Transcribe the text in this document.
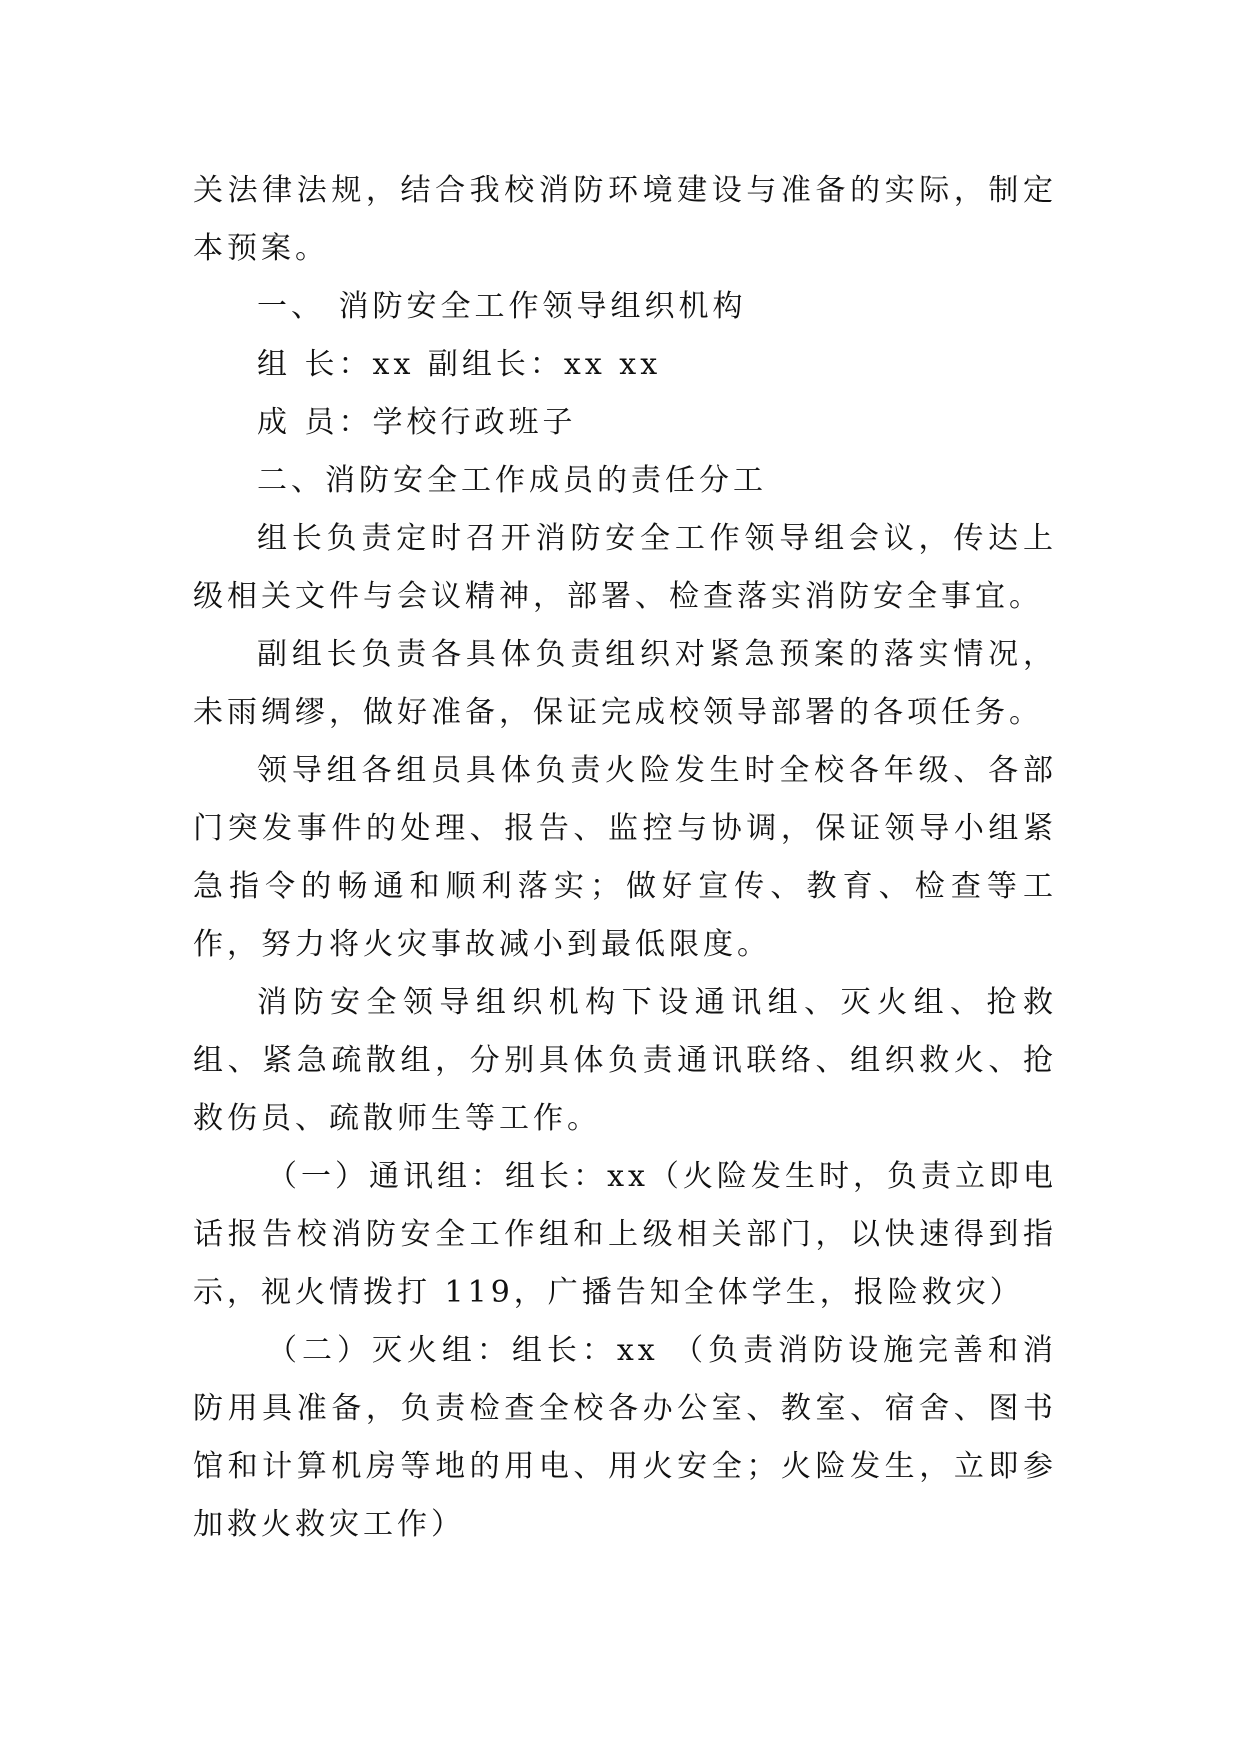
关法律法规，结合我校消防环境建设与准备的实际，制定本预案。

一、 消防安全工作领导组织机构

组 长：xx 副组长：xx xx

成 员：学校行政班子

二、消防安全工作成员的责任分工

组长负责定时召开消防安全工作领导组会议，传达上级相关文件与会议精神，部署、检查落实消防安全事宜。

副组长负责各具体负责组织对紧急预案的落实情况，未雨绸缪，做好准备，保证完成校领导部署的各项任务。

领导组各组员具体负责火险发生时全校各年级、各部门突发事件的处理、报告、监控与协调，保证领导小组紧急指令的畅通和顺利落实；做好宣传、教育、检查等工作，努力将火灾事故减小到最低限度。

消防安全领导组织机构下设通讯组、灭火组、抢救组、紧急疏散组，分别具体负责通讯联络、组织救火、抢救伤员、疏散师生等工作。

（一）通讯组：组长：xx（火险发生时，负责立即电话报告校消防安全工作组和上级相关部门，以快速得到指示，视火情拨打 119，广播告知全体学生，报险救灾）

（二）灭火组：组长：xx （负责消防设施完善和消防用具准备，负责检查全校各办公室、教室、宿舍、图书馆和计算机房等地的用电、用火安全；火险发生，立即参加救火救灾工作）
